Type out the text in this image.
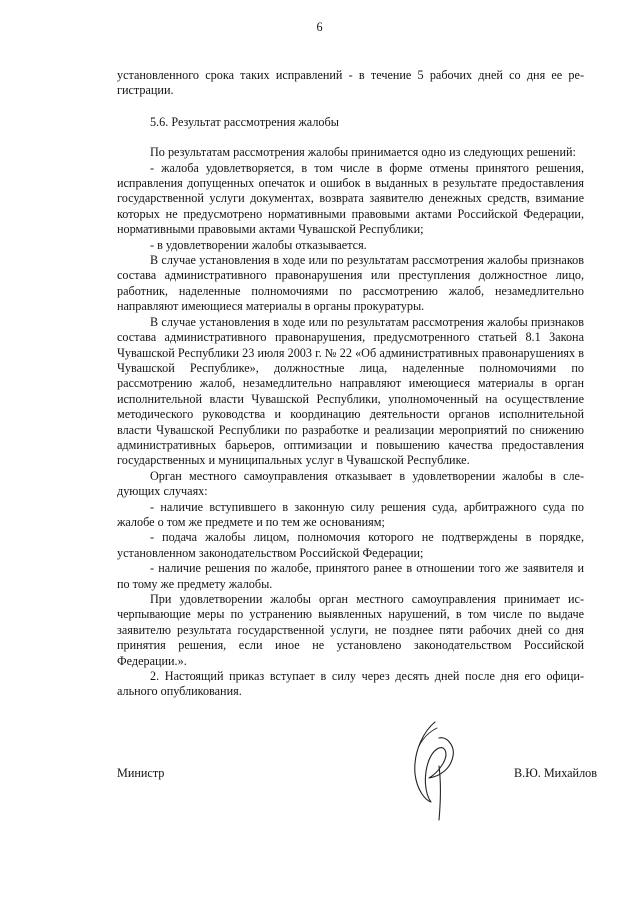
6

установленного срока таких исправлений - в течение 5 рабочих дней со дня ее регистрации.

5.6. Результат рассмотрения жалобы

По результатам рассмотрения жалобы принимается одно из следующих решений:

- жалоба удовлетворяется, в том числе в форме отмены принятого решения, исправления допущенных опечаток и ошибок в выданных в результате предоставления государственной услуги документах, возврата заявителю денежных средств, взимание которых не предусмотрено нормативными правовыми актами Российской Федерации, нормативными правовыми актами Чувашской Республики;

- в удовлетворении жалобы отказывается.

В случае установления в ходе или по результатам рассмотрения жалобы признаков состава административного правонарушения или преступления должностное лицо, работник, наделенные полномочиями по рассмотрению жалоб, незамедлительно направляют имеющиеся материалы в органы прокуратуры.

В случае установления в ходе или по результатам рассмотрения жалобы признаков состава административного правонарушения, предусмотренного статьей 8.1 Закона Чувашской Республики 23 июля 2003 г. № 22 «Об административных правонарушениях в Чувашской Республике», должностные лица, наделенные полномочиями по рассмотрению жалоб, незамедлительно направляют имеющиеся материалы в орган исполнительной власти Чувашской Республики, уполномоченный на осуществление методического руководства и координацию деятельности органов исполнительной власти Чувашской Республики по разработке и реализации мероприятий по снижению административных барьеров, оптимизации и повышению качества предоставления государственных и муниципальных услуг в Чувашской Республике.

Орган местного самоуправления отказывает в удовлетворении жалобы в следующих случаях:

- наличие вступившего в законную силу решения суда, арбитражного суда по жалобе о том же предмете и по тем же основаниям;

- подача жалобы лицом, полномочия которого не подтверждены в порядке, установленном законодательством Российской Федерации;

- наличие решения по жалобе, принятого ранее в отношении того же заявителя и по тому же предмету жалобы.

При удовлетворении жалобы орган местного самоуправления принимает исчерпывающие меры по устранению выявленных нарушений, в том числе по выдаче заявителю результата государственной услуги, не позднее пяти рабочих дней со дня принятия решения, если иное не установлено законодательством Российской Федерации.».

2. Настоящий приказ вступает в силу через десять дней после дня его официального опубликования.

Министр	В.Ю. Михайлов
